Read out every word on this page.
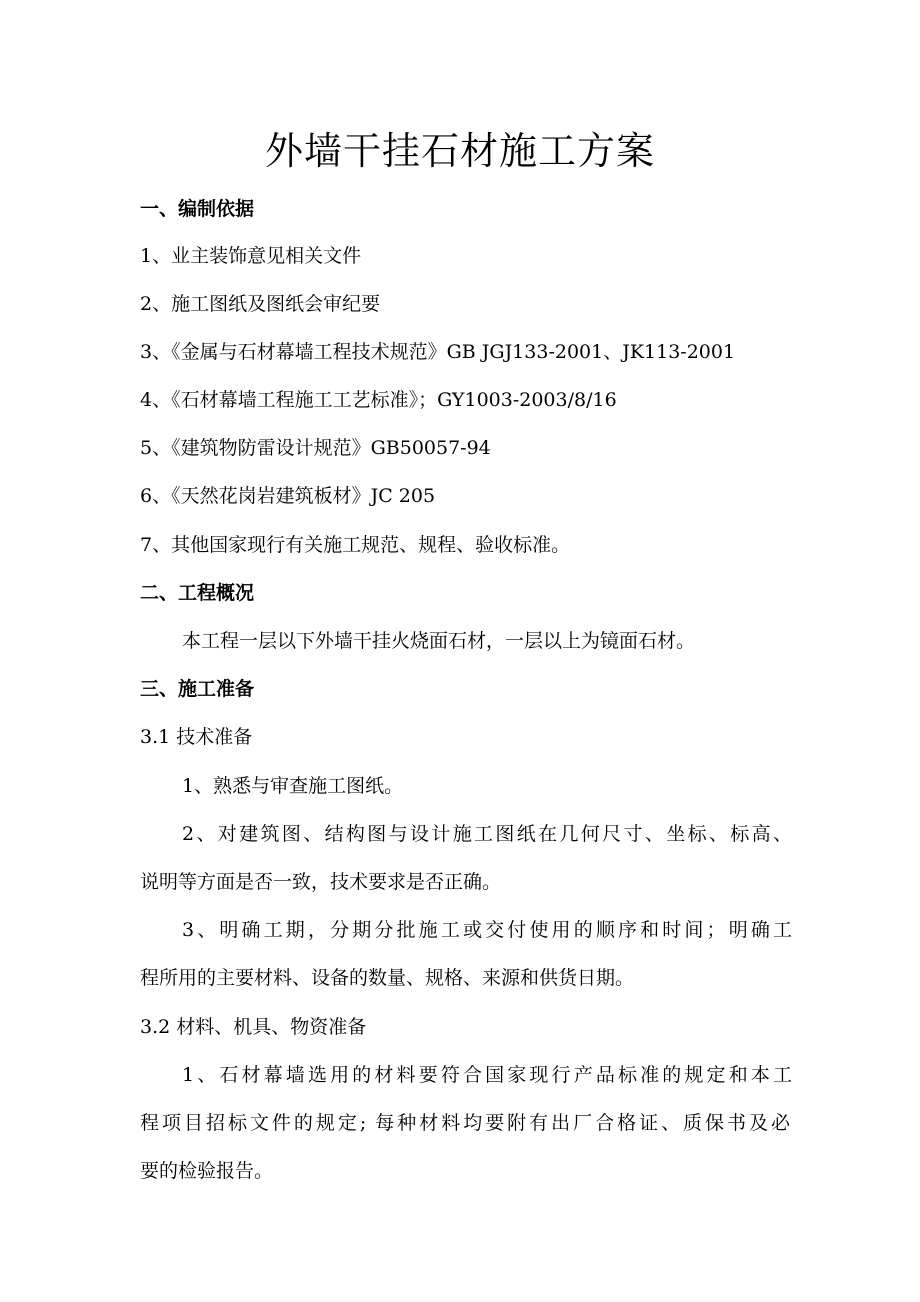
外墙干挂石材施工方案
一、编制依据
1、业主装饰意见相关文件
2、施工图纸及图纸会审纪要
3、《金属与石材幕墙工程技术规范》GB JGJ133-2001、JK113-2001
4、《石材幕墙工程施工工艺标准》；GY1003-2003/8/16
5、《建筑物防雷设计规范》GB50057-94
6、《天然花岗岩建筑板材》JC 205
7、其他国家现行有关施工规范、规程、验收标准。
二、工程概况
本工程一层以下外墙干挂火烧面石材，一层以上为镜面石材。
三、施工准备
3.1 技术准备
1、熟悉与审查施工图纸。
2、对建筑图、结构图与设计施工图纸在几何尺寸、坐标、标高、
说明等方面是否一致，技术要求是否正确。
3、明确工期，分期分批施工或交付使用的顺序和时间；明确工
程所用的主要材料、设备的数量、规格、来源和供货日期。
3.2 材料、机具、物资准备
1、石材幕墙选用的材料要符合国家现行产品标准的规定和本工
程项目招标文件的规定; 每种材料均要附有出厂合格证、质保书及必
要的检验报告。
